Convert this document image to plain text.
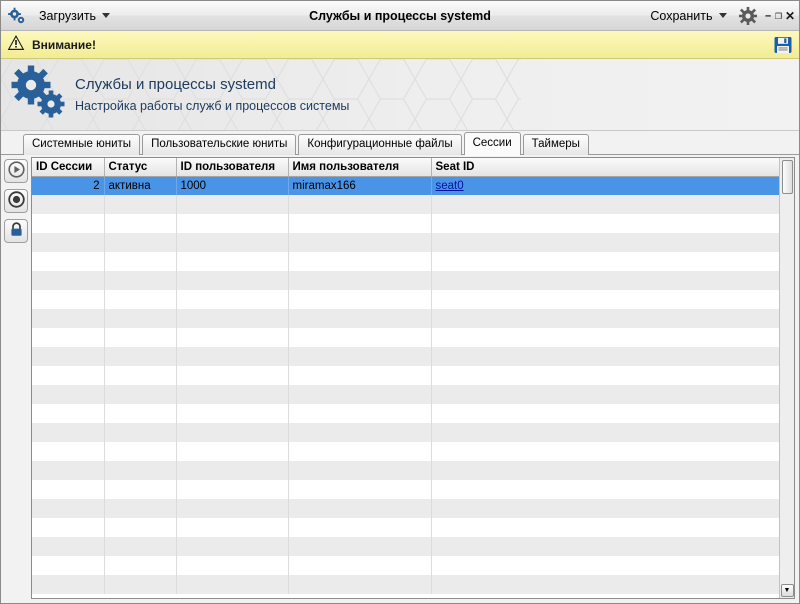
Загрузить	Службы и процессы systemd	Сохранить	– ❐ ✕
Внимание!
Службы и процессы systemd
Настройка работы служб и процессов системы
Системные юниты	Пользовательские юниты	Конфигурационные файлы	Сессии	Таймеры
ID Сессии	Статус	ID пользователя	Имя пользователя	Seat ID
2	активна	1000	miramax166	seat0

▼
